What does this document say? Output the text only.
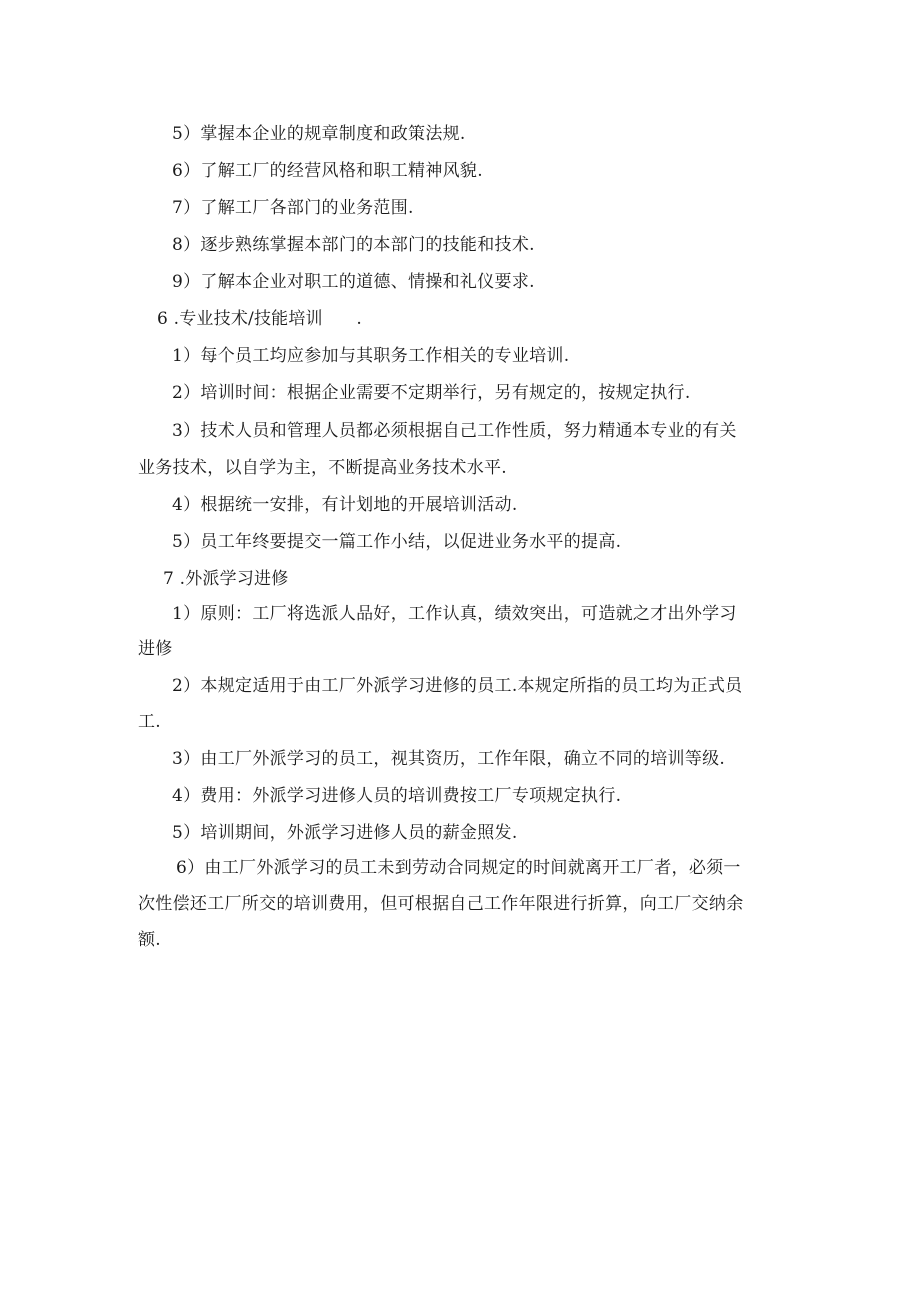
5）掌握本企业的规章制度和政策法规.
6）了解工厂的经营风格和职工精神风貌.
7）了解工厂各部门的业务范围.
8）逐步熟练掌握本部门的本部门的技能和技术.
9）了解本企业对职工的道德、情操和礼仪要求.
6 .专业技术/技能培训      .
1）每个员工均应参加与其职务工作相关的专业培训.
2）培训时间：根据企业需要不定期举行，另有规定的，按规定执行.
3）技术人员和管理人员都必须根据自己工作性质，努力精通本专业的有关
业务技术，以自学为主，不断提高业务技术水平.
4）根据统一安排，有计划地的开展培训活动.
5）员工年终要提交一篇工作小结，以促进业务水平的提高.
7 .外派学习进修
1）原则：工厂将选派人品好，工作认真，绩效突出，可造就之才出外学习
进修
2）本规定适用于由工厂外派学习进修的员工.本规定所指的员工均为正式员
工.
3）由工厂外派学习的员工，视其资历，工作年限，确立不同的培训等级.
4）费用：外派学习进修人员的培训费按工厂专项规定执行.
5）培训期间，外派学习进修人员的薪金照发.
6）由工厂外派学习的员工未到劳动合同规定的时间就离开工厂者，必须一
次性偿还工厂所交的培训费用，但可根据自己工作年限进行折算，向工厂交纳余
额.
